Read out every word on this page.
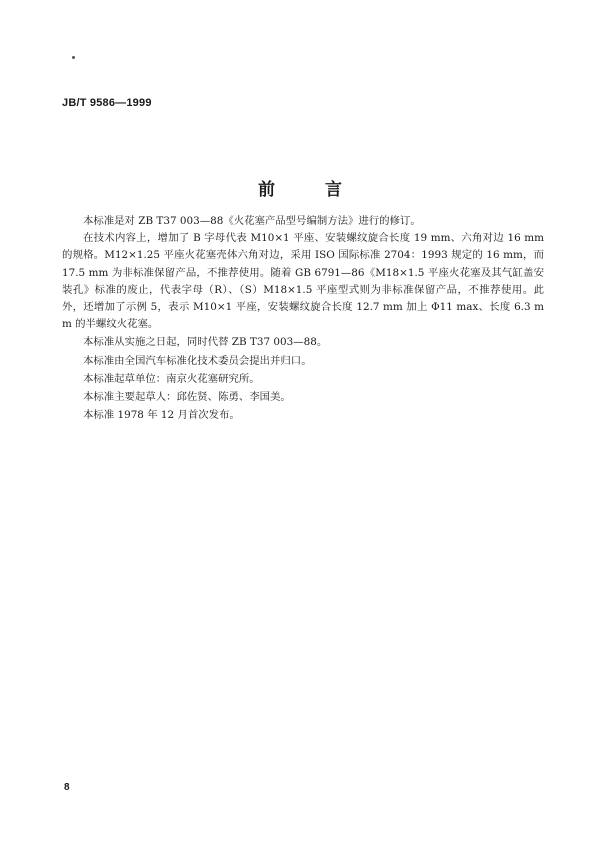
JB/T 9586—1999
前 言

本标准是对 ZB T37 003—88《火花塞产品型号编制方法》进行的修订。

在技术内容上，增加了 B 字母代表 M10×1 平座、安装螺纹旋合长度 19 mm、六角对边 16 mm 的规格。M12×1.25 平座火花塞壳体六角对边，采用 ISO 国际标准 2704：1993 规定的 16 mm，而 17.5 mm 为非标准保留产品，不推荐使用。随着 GB 6791—86《M18×1.5 平座火花塞及其气缸盖安装孔》标准的废止，代表字母（R）、（S）M18×1.5 平座型式则为非标准保留产品，不推荐使用。此外，还增加了示例 5，表示 M10×1 平座，安装螺纹旋合长度 12.7 mm 加上 Φ11 max、长度 6.3 mm 的半螺纹火花塞。

本标准从实施之日起，同时代替 ZB T37 003—88。

本标准由全国汽车标准化技术委员会提出并归口。

本标准起草单位：南京火花塞研究所。

本标准主要起草人：邱佐贤、陈勇、李国美。

本标准 1978 年 12 月首次发布。

8
